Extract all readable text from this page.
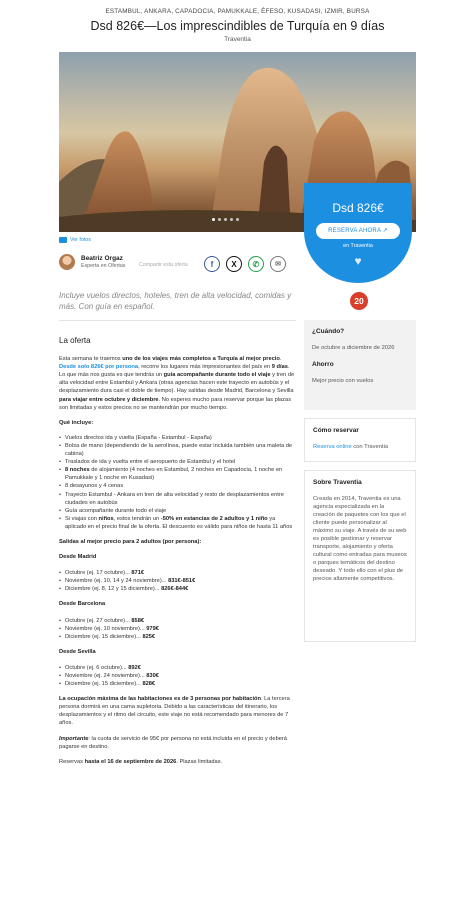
ESTAMBUL, ANKARA, CAPADOCIA, PAMUKKALE, ÉFESO, KUSADASI, IZMIR, BURSA
Dsd 826€—Los imprescindibles de Turquía en 9 días
Traventia
Dsd 826€
RESERVA AHORA ↗
en Traventia
♥
Ver fotos
Beatriz Orgaz
Experta en Ofertas	Compartir esta oferta	f	X	✆	✉
Incluye vuelos directos, hoteles, tren de alta velocidad, comidas y más. Con guía en español.
20
La oferta

Esta semana te traemos uno de los viajes más completos a Turquía al mejor precio. Desde solo 826€ por persona, recorre los lugares más impresionantes del país en 9 días. Lo que más nos gusta es que tendrás un guía acompañante durante todo el viaje y tren de alta velocidad entre Estambul y Ankara (otras agencias hacen este trayecto en autobús y el desplazamiento dura casi el doble de tiempo). Hay salidas desde Madrid, Barcelona y Sevilla para viajar entre octubre y diciembre. No esperes mucho para reservar porque las plazas son limitadas y estos precios no se mantendrán por mucho tiempo.

Qué incluye:
• Vuelos directos ida y vuelta (España - Estambul - España)
• Bolsa de mano (dependiendo de la aerolínea, puede estar incluida también una maleta de cabina)
• Traslados de ida y vuelta entre el aeropuerto de Estambul y el hotel
• 8 noches de alojamiento (4 noches en Estambul, 2 noches en Capadocia, 1 noche en Pamukkale y 1 noche en Kusadasi)
• 8 desayunos y 4 cenas
• Trayecto Estambul - Ankara en tren de alta velocidad y resto de desplazamientos entre ciudades en autobús
• Guía acompañante durante todo el viaje
• Si viajas con niños, estos tendrán un -50% en estancias de 2 adultos y 1 niño ya aplicado en el precio final de la oferta. El descuento es válido para niños de hasta 11 años
Salidas al mejor precio para 2 adultos (por persona):
Desde Madrid
• Octubre (ej. 17 octubre)... 871€
• Noviembre (ej. 10, 14 y 24 noviembre)... 831€-851€
• Diciembre (ej. 8, 12 y 15 diciembre)... 826€-844€
Desde Barcelona
• Octubre (ej. 27 octubre)... 858€
• Noviembre (ej. 10 noviembre)... 979€
• Diciembre (ej. 15 diciembre)... 825€
Desde Sevilla
• Octubre (ej. 6 octubre)... 892€
• Noviembre (ej. 24 noviembre)... 830€
• Diciembre (ej. 15 diciembre)... 828€

La ocupación máxima de las habitaciones es de 3 personas por habitación. La tercera persona dormirá en una cama supletoria. Debido a las características del itinerario, los desplazamientos y el ritmo del circuito, este viaje no está recomendado para menores de 7 años.

Importante: la cuota de servicio de 95€ por persona no está incluida en el precio y deberá pagarse en destino.

Reservas hasta el 16 de septiembre de 2026. Plazas limitadas.

¿Cuándo?
De octubre a diciembre de 2026
Ahorro
Mejor precio con vuelos
Cómo reservar
Reserva online con Traventia
Sobre Traventia
Creada en 2014, Traventia es una agencia especializada en la creación de paquetes con los que el cliente puede personalizar al máximo su viaje. A través de su web es posible gestionar y reservar transporte, alojamiento y oferta cultural como entradas para museos o parques temáticos del destino deseado. Y todo ello con el plus de precios altamente competitivos.
